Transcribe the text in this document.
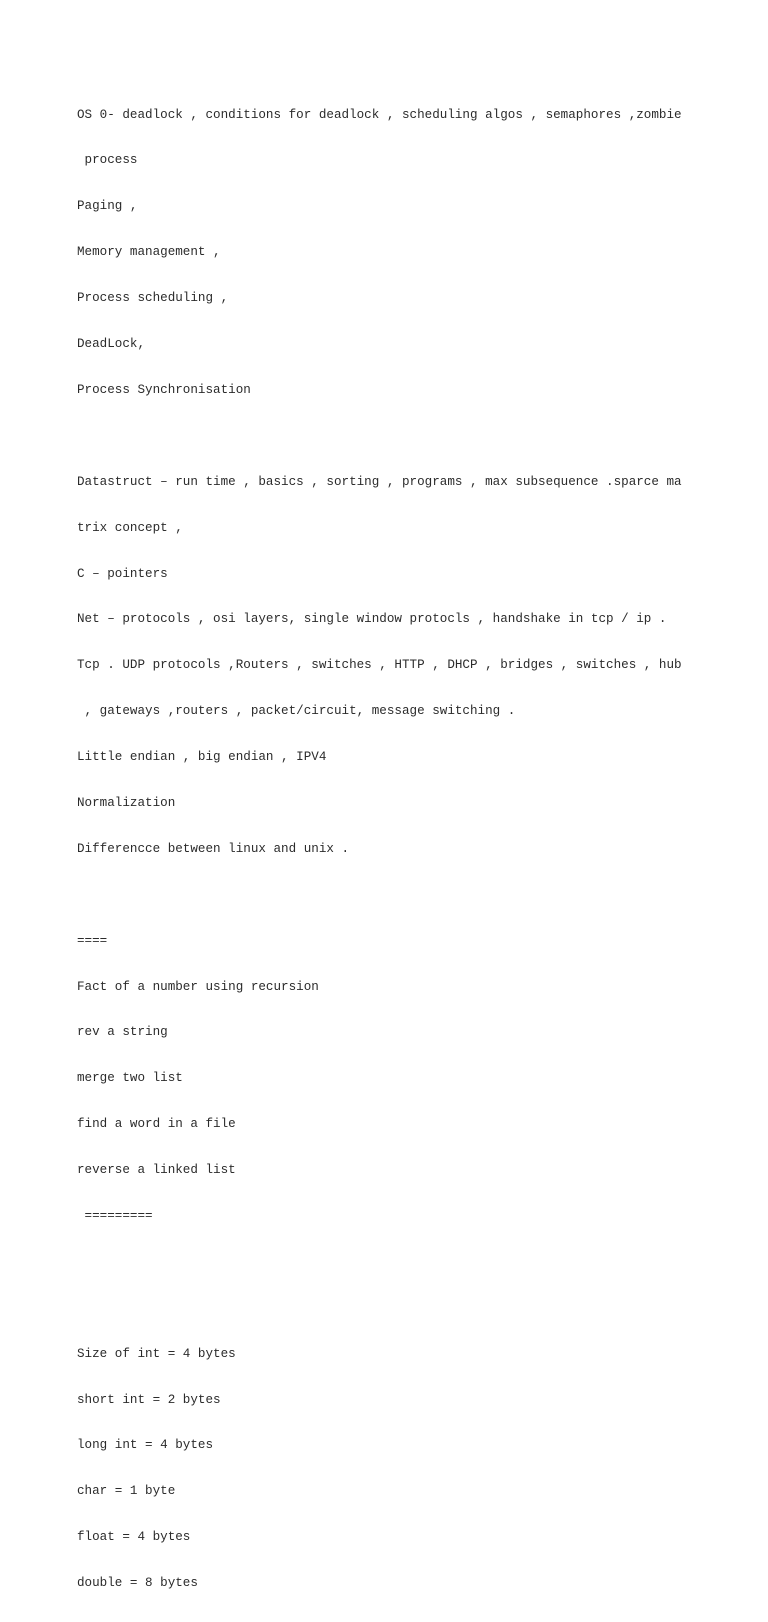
OS 0- deadlock , conditions for deadlock , scheduling algos , semaphores ,zombie

process

Paging ,

Memory management ,

Process scheduling ,

DeadLock,

Process Synchronisation

Datastruct – run time , basics , sorting , programs , max subsequence .sparce ma

trix concept ,

C – pointers

Net – protocols , osi layers, single window protocls , handshake in tcp / ip .

Tcp . UDP protocols ,Routers , switches , HTTP , DHCP , bridges , switches , hub

, gateways ,routers , packet/circuit, message switching .

Little endian , big endian , IPV4

Normalization

Differencce between linux and unix .

====

Fact of a number using recursion

rev a string

merge two list

find a word in a file

reverse a linked list

=========

Size of int = 4 bytes

short int = 2 bytes

long int = 4 bytes

char = 1 byte

float = 4 bytes

double = 8 bytes
